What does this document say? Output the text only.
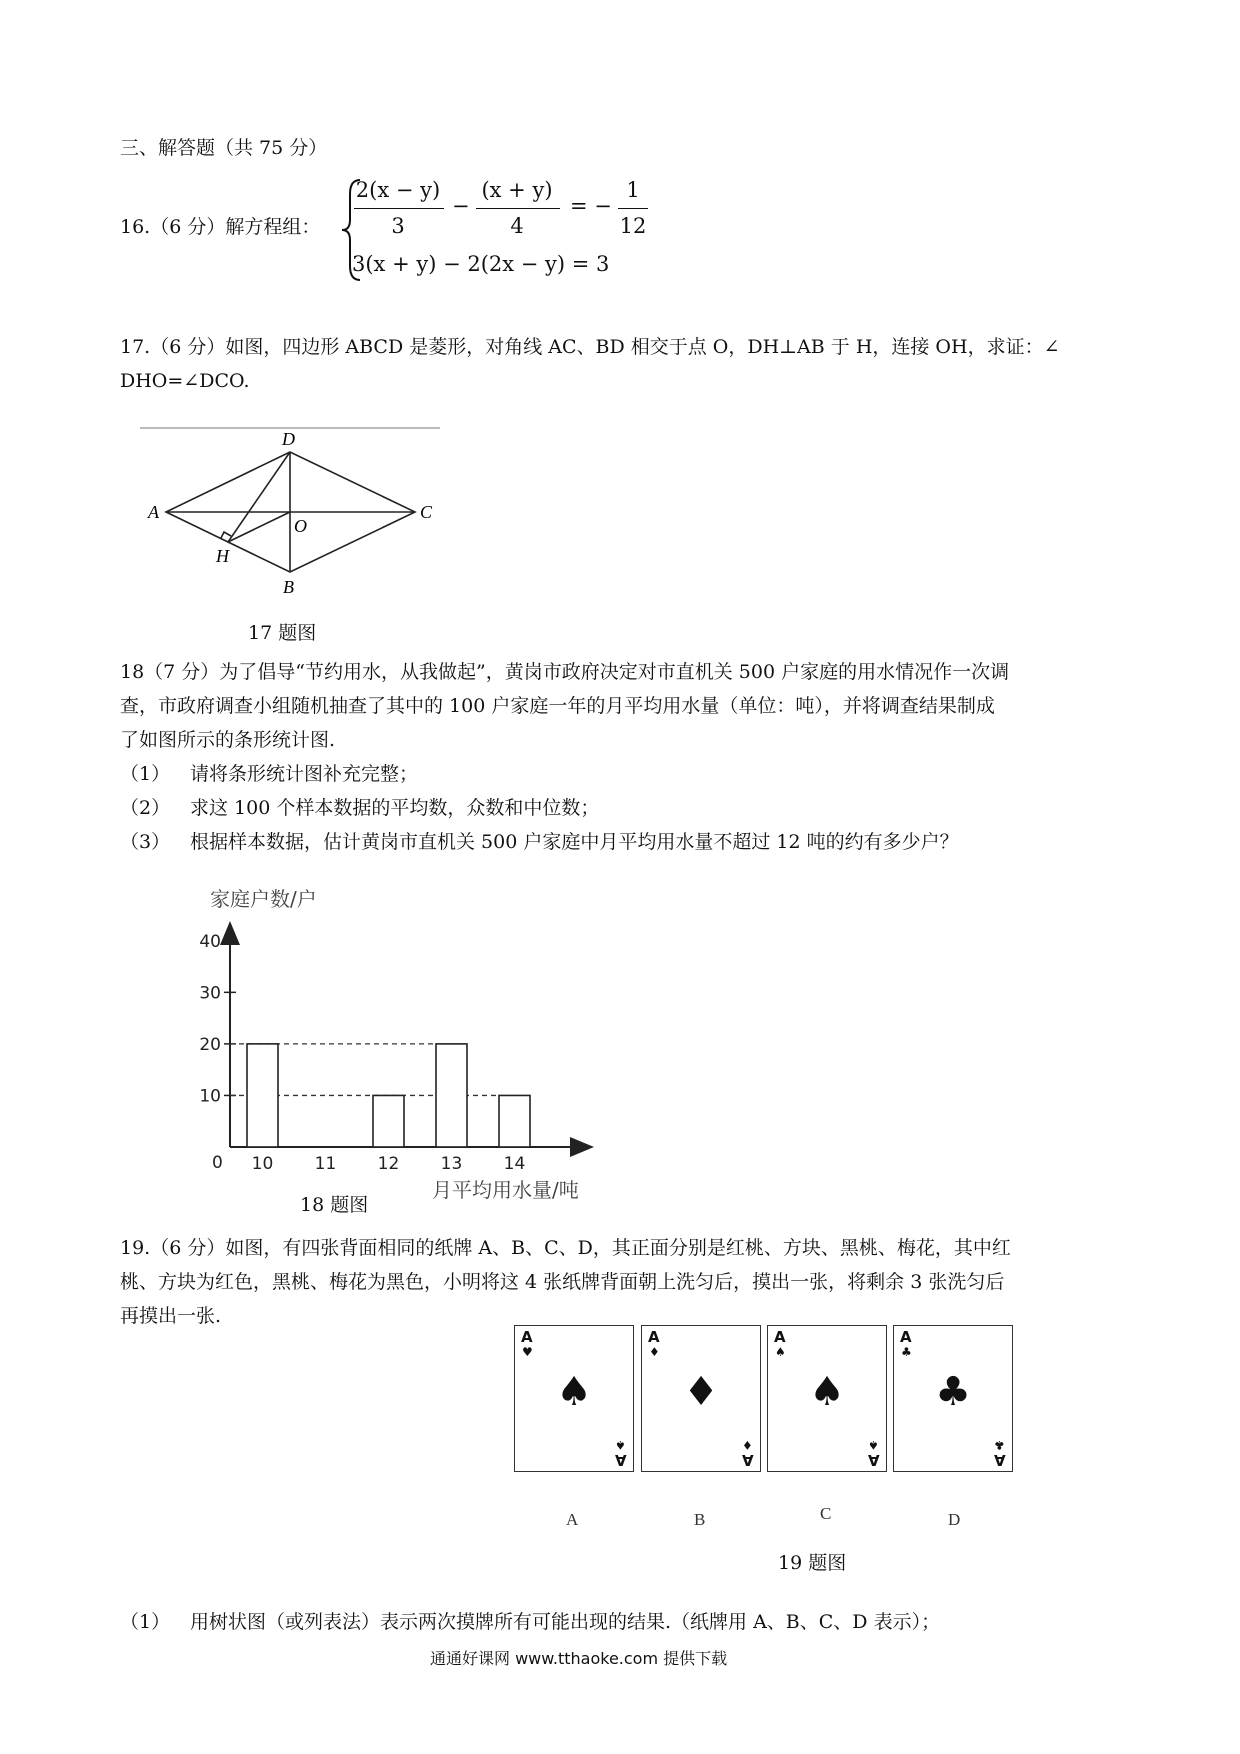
三、解答题（共 75 分）
16.（6 分）解方程组：
2(x − y)
3
−
(x + y)
4
= −
1
12
3(x + y) − 2(2x − y) = 3
17.（6 分）如图，四边形 ABCD 是菱形，对角线 AC、BD 相交于点 O，DH⊥AB 于 H，连接 OH，求证：∠
DHO=∠DCO.
D
A	C
O
H
B
17 题图
18（7 分）为了倡导“节约用水，从我做起”，黄岗市政府决定对市直机关 500 户家庭的用水情况作一次调
查，市政府调查小组随机抽查了其中的 100 户家庭一年的月平均用水量（单位：吨），并将调查结果制成
了如图所示的条形统计图.
（1） 请将条形统计图补充完整；
（2） 求这 100 个样本数据的平均数，众数和中位数；
（3） 根据样本数据，估计黄岗市直机关 500 户家庭中月平均用水量不超过 12 吨的约有多少户？
家庭户数/户
月平均用水量/吨
0
10
20
30
40
10 11 12 13 14
18 题图
19.（6 分）如图，有四张背面相同的纸牌 A、B、C、D，其正面分别是红桃、方块、黑桃、梅花，其中红
桃、方块为红色，黑桃、梅花为黑色，小明将这 4 张纸牌背面朝上洗匀后，摸出一张，将剩余 3 张洗匀后
再摸出一张.
A
♥
♠
♠
A
A
♦
♦
♦
A
A
♠
♠
♠
A
A
♣
♣
♣
A
A	B	C	D
19 题图
（1） 用树状图（或列表法）表示两次摸牌所有可能出现的结果.（纸牌用 A、B、C、D 表示）；
通通好课网 www.tthaoke.com 提供下载
